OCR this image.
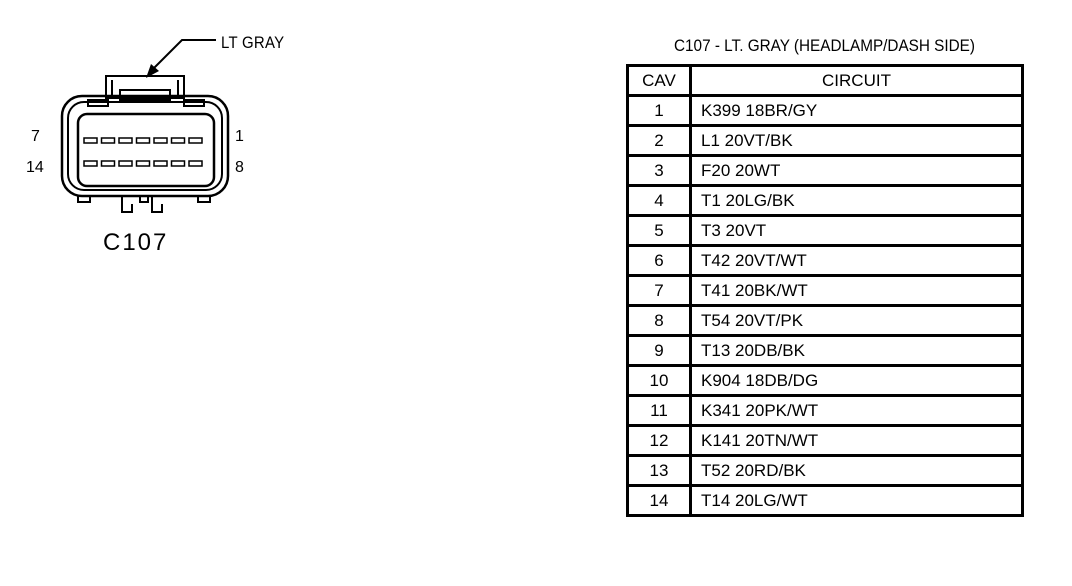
LT GRAY
7
14
1
8
C107
C107 - LT. GRAY (HEADLAMP/DASH SIDE)
CAV	CIRCUIT
1	K399 18BR/GY
2	L1 20VT/BK
3	F20 20WT
4	T1 20LG/BK
5	T3 20VT
6	T42 20VT/WT
7	T41 20BK/WT
8	T54 20VT/PK
9	T13 20DB/BK
10	K904 18DB/DG
11	K341 20PK/WT
12	K141 20TN/WT
13	T52 20RD/BK
14	T14 20LG/WT
